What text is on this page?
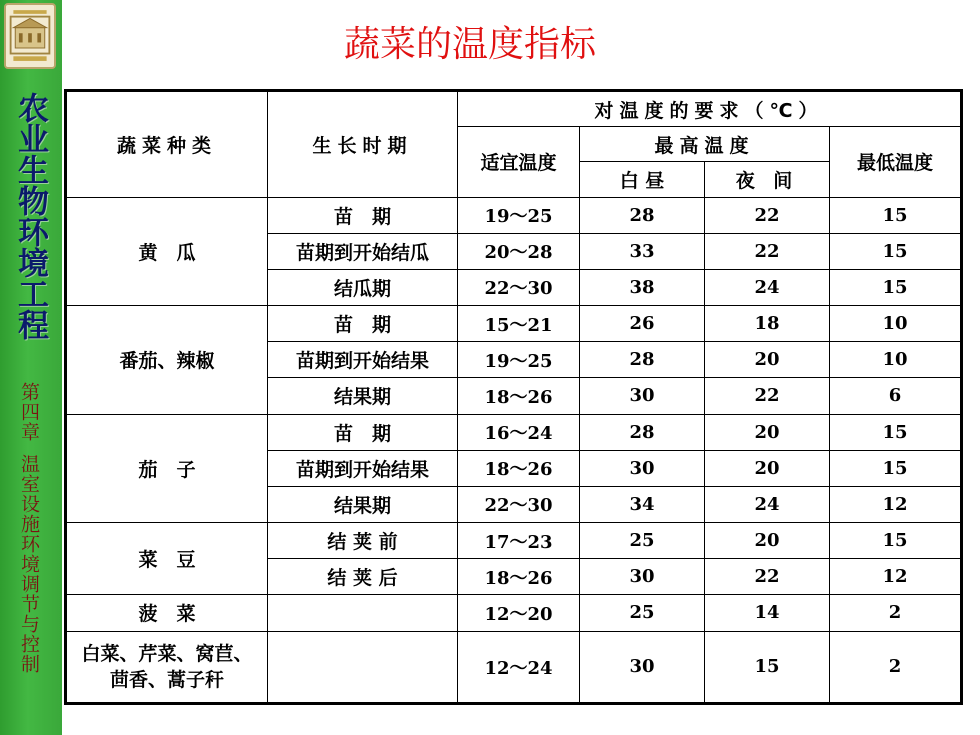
农业生物环境工程
第四章温室设施环境调节与控制
蔬菜的温度指标
蔬菜种类	生长时期	对温度的要求（℃）			
		适宜温度	最高温度		最低温度
			白 昼	夜 间	
黄　瓜	苗　期	19～25	28	22	15
	苗期到开始结瓜	20～28	33	22	15
	结瓜期	22～30	38	24	15
番茄、辣椒	苗　期	15～21	26	18	10
	苗期到开始结果	19～25	28	20	10
	结果期	18～26	30	22	6
茄　子	苗　期	16～24	28	20	15
	苗期到开始结果	18～26	30	20	15
	结果期	22～30	34	24	12
菜　豆	结 荚 前	17～23	25	20	15
	结 荚 后	18～26	30	22	12
菠　菜		12～20	25	14	2
白菜、芹菜、窝苣、茴香、蒿子秆		12～24	30	15	2
